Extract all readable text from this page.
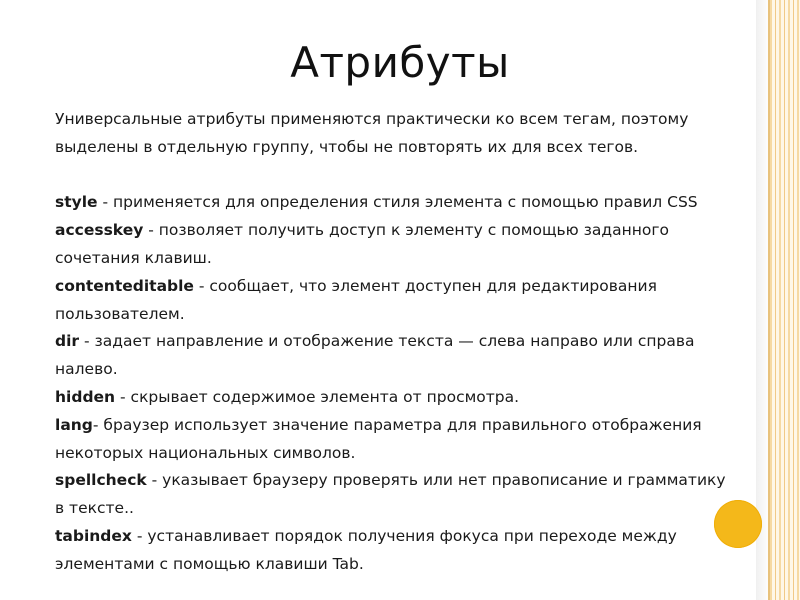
Атрибуты

Универсальные атрибуты применяются практически ко всем тегам, поэтому выделены в отдельную группу, чтобы не повторять их для всех тегов.

style - применяется для определения стиля элемента с помощью правил CSS

accesskey - позволяет получить доступ к элементу с помощью заданного сочетания клавиш.

contenteditable - сообщает, что элемент доступен для редактирования пользователем.

dir - задает направление и отображение текста — слева направо или справа налево.

hidden - скрывает содержимое элемента от просмотра.

lang- браузер использует значение параметра для правильного отображения некоторых национальных символов.

spellcheck - указывает браузеру проверять или нет правописание и грамматику в тексте..

tabindex - устанавливает порядок получения фокуса при переходе между элементами с помощью клавиши Tab.
